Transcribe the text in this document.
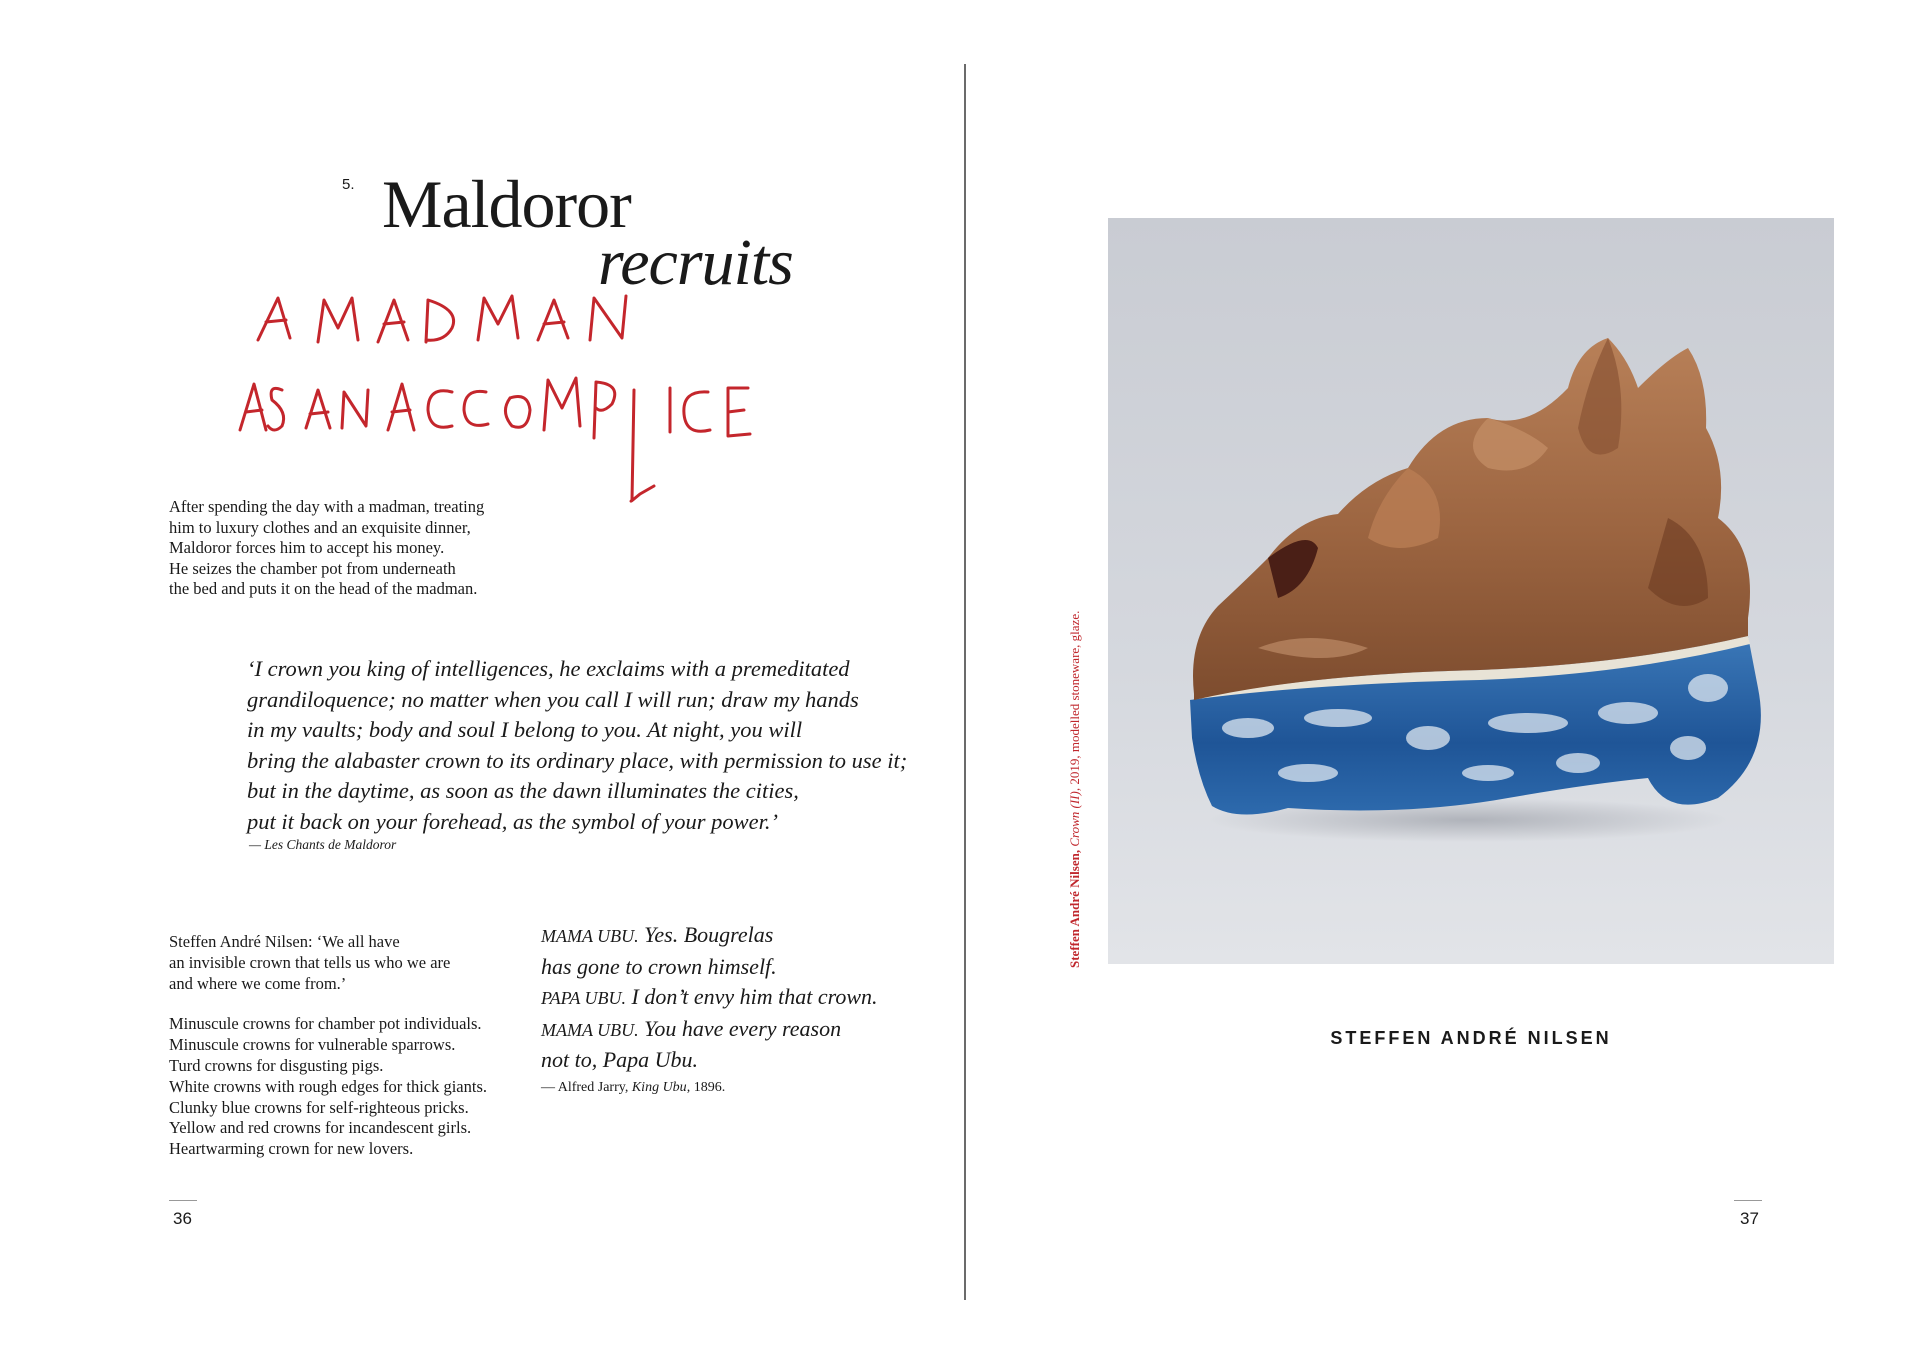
5. Maldoror
recruits

After spending the day with a madman, treating

him to luxury clothes and an exquisite dinner,

Maldoror forces him to accept his money.

He seizes the chamber pot from underneath

the bed and puts it on the head of the madman.

‘I crown you king of intelligences, he exclaims with a premeditated
grandiloquence; no matter when you call I will run; draw my hands
in my vaults; body and soul I belong to you. At night, you will
bring the alabaster crown to its ordinary place, with permission to use it;
but in the daytime, as soon as the dawn illuminates the cities,
put it back on your forehead, as the symbol of your power.’
— Les Chants de Maldoror
Steffen André Nilsen: ‘We all have
an invisible crown that tells us who we are
and where we come from.’
Minuscule crowns for chamber pot individuals.
Minuscule crowns for vulnerable sparrows.
Turd crowns for disgusting pigs.
White crowns with rough edges for thick giants.
Clunky blue crowns for self-righteous pricks.
Yellow and red crowns for incandescent girls.
Heartwarming crown for new lovers.
MAMA UBU. Yes. Bougrelas
has gone to crown himself.
PAPA UBU. I don’t envy him that crown.
MAMA UBU. You have every reason
not to, Papa Ubu.
— Alfred Jarry, King Ubu, 1896.
36
Steffen André Nilsen, Crown (II), 2019, modelled stoneware, glaze.
STEFFEN ANDRÉ NILSEN
37
